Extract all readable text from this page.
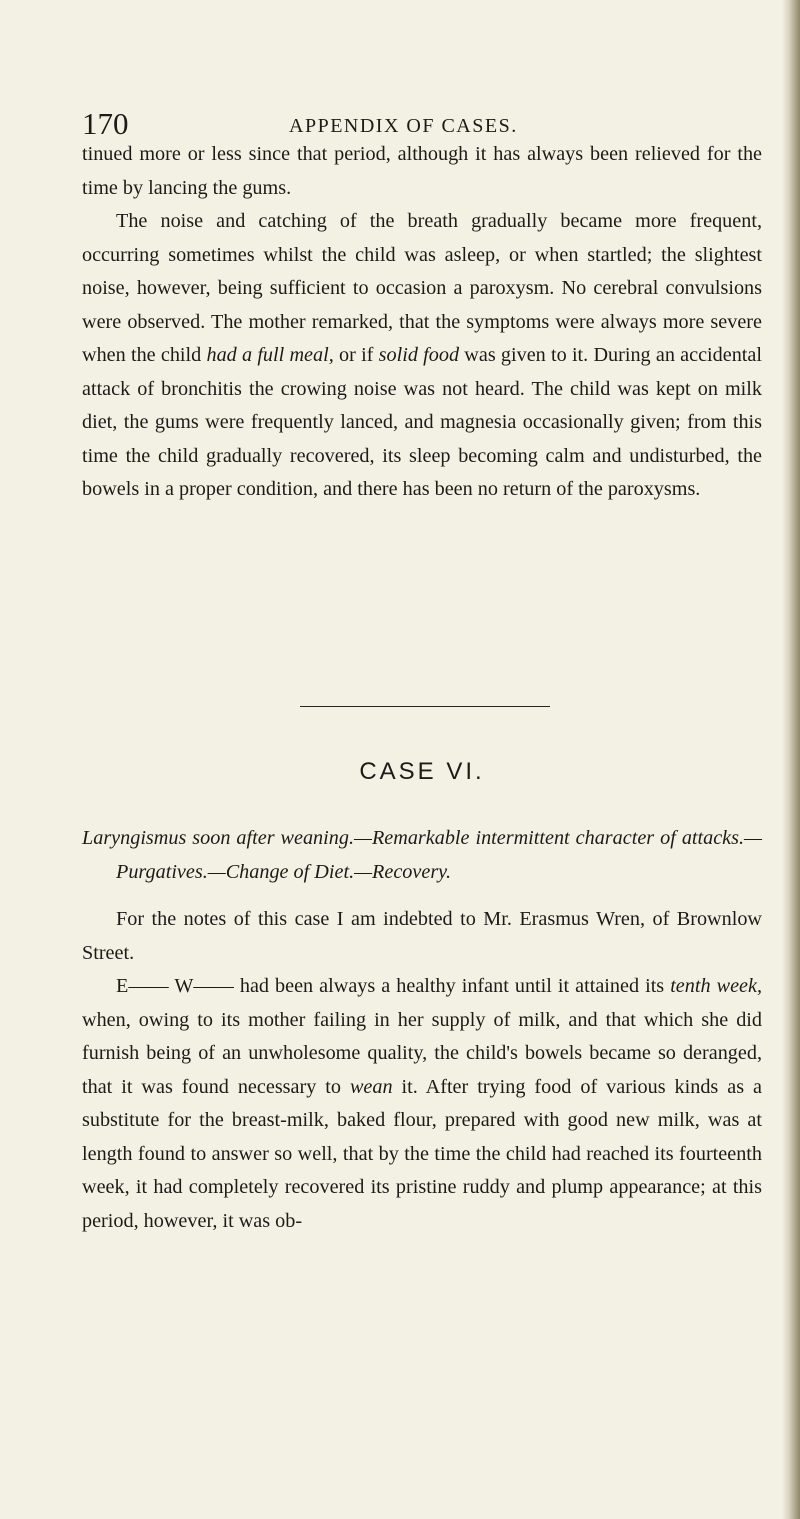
170	APPENDIX OF CASES.

tinued more or less since that period, although it has always been relieved for the time by lancing the gums.

The noise and catching of the breath gradually became more frequent, occurring sometimes whilst the child was asleep, or when startled; the slightest noise, however, being sufficient to occasion a paroxysm. No cerebral convulsions were observed. The mother remarked, that the symptoms were always more severe when the child had a full meal, or if solid food was given to it. During an accidental attack of bronchitis the crowing noise was not heard. The child was kept on milk diet, the gums were frequently lanced, and magnesia occasionally given; from this time the child gradually recovered, its sleep becoming calm and undisturbed, the bowels in a proper condition, and there has been no return of the paroxysms.

CASE VI.

Laryngismus soon after weaning.—Remarkable intermittent character of attacks.—Purgatives.—Change of Diet.—Recovery.

For the notes of this case I am indebted to Mr. Erasmus Wren, of Brownlow Street.

E—— W—— had been always a healthy infant until it attained its tenth week, when, owing to its mother failing in her supply of milk, and that which she did furnish being of an unwholesome quality, the child's bowels became so deranged, that it was found necessary to wean it. After trying food of various kinds as a substitute for the breast-milk, baked flour, prepared with good new milk, was at length found to answer so well, that by the time the child had reached its fourteenth week, it had completely recovered its pristine ruddy and plump appearance; at this period, however, it was ob-
